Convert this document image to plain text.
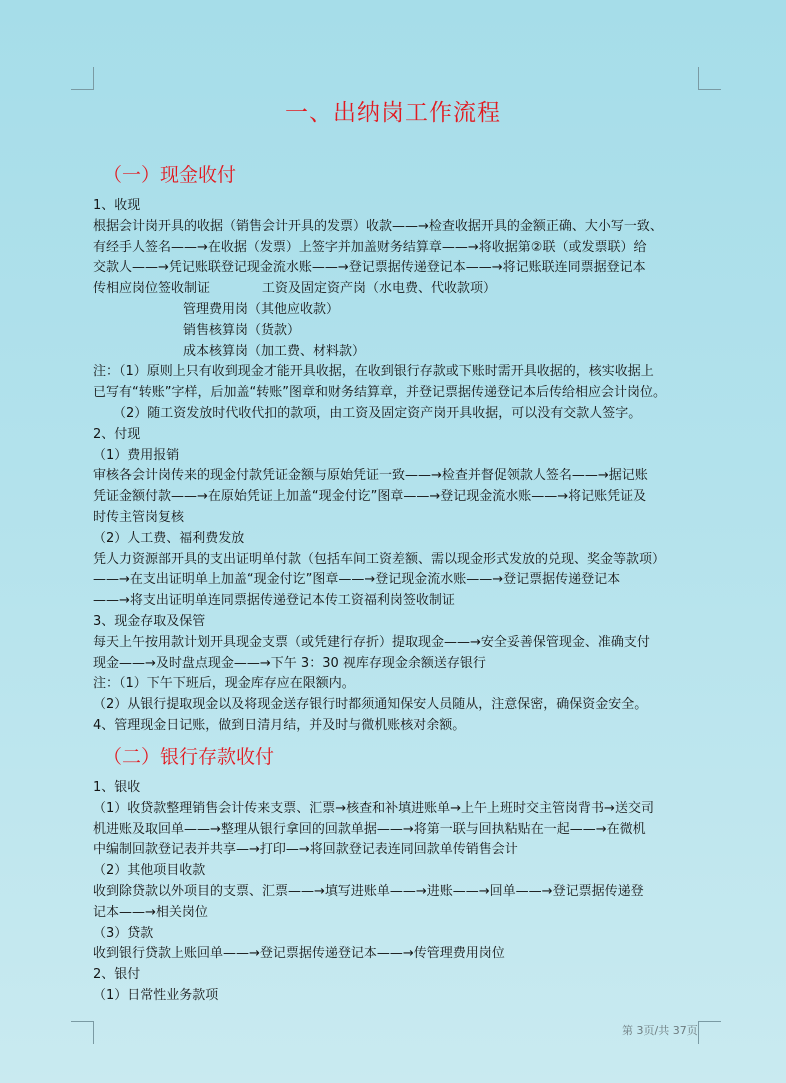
一、出纳岗工作流程
（一）现金收付
1、收现
根据会计岗开具的收据（销售会计开具的发票）收款——→检查收据开具的金额正确、大小写一致、
有经手人签名——→在收据（发票）上签字并加盖财务结算章——→将收据第②联（或发票联）给
交款人——→凭记账联登记现金流水账——→登记票据传递登记本——→将记账联连同票据登记本
传相应岗位签收制证　　　　工资及固定资产岗（水电费、代收款项）
管理费用岗（其他应收款）
销售核算岗（货款）
成本核算岗（加工费、材料款）
注：（1）原则上只有收到现金才能开具收据，在收到银行存款或下账时需开具收据的，核实收据上
已写有“转账”字样，后加盖“转账”图章和财务结算章，并登记票据传递登记本后传给相应会计岗位。
（2）随工资发放时代收代扣的款项，由工资及固定资产岗开具收据，可以没有交款人签字。
2、付现
（1）费用报销
审核各会计岗传来的现金付款凭证金额与原始凭证一致——→检查并督促领款人签名——→据记账
凭证金额付款——→在原始凭证上加盖“现金付讫”图章——→登记现金流水账——→将记账凭证及
时传主管岗复核
（2）人工费、福利费发放
凭人力资源部开具的支出证明单付款（包括车间工资差额、需以现金形式发放的兑现、奖金等款项）
——→在支出证明单上加盖“现金付讫”图章——→登记现金流水账——→登记票据传递登记本
——→将支出证明单连同票据传递登记本传工资福利岗签收制证
3、现金存取及保管
每天上午按用款计划开具现金支票（或凭建行存折）提取现金——→安全妥善保管现金、准确支付
现金——→及时盘点现金——→下午 3：30 视库存现金余额送存银行
注：（1）下午下班后，现金库存应在限额内。
（2）从银行提取现金以及将现金送存银行时都须通知保安人员随从，注意保密，确保资金安全。
4、管理现金日记账，做到日清月结，并及时与微机账核对余额。
（二）银行存款收付
1、银收
（1）收贷款整理销售会计传来支票、汇票→核查和补填进账单→上午上班时交主管岗背书→送交司
机进账及取回单——→整理从银行拿回的回款单据——→将第一联与回执粘贴在一起——→在微机
中编制回款登记表并共享—→打印—→将回款登记表连同回款单传销售会计
（2）其他项目收款
收到除贷款以外项目的支票、汇票——→填写进账单——→进账——→回单——→登记票据传递登
记本——→相关岗位
（3）贷款
收到银行贷款上账回单——→登记票据传递登记本——→传管理费用岗位
2、银付
（1）日常性业务款项
第 3页/共 37页
